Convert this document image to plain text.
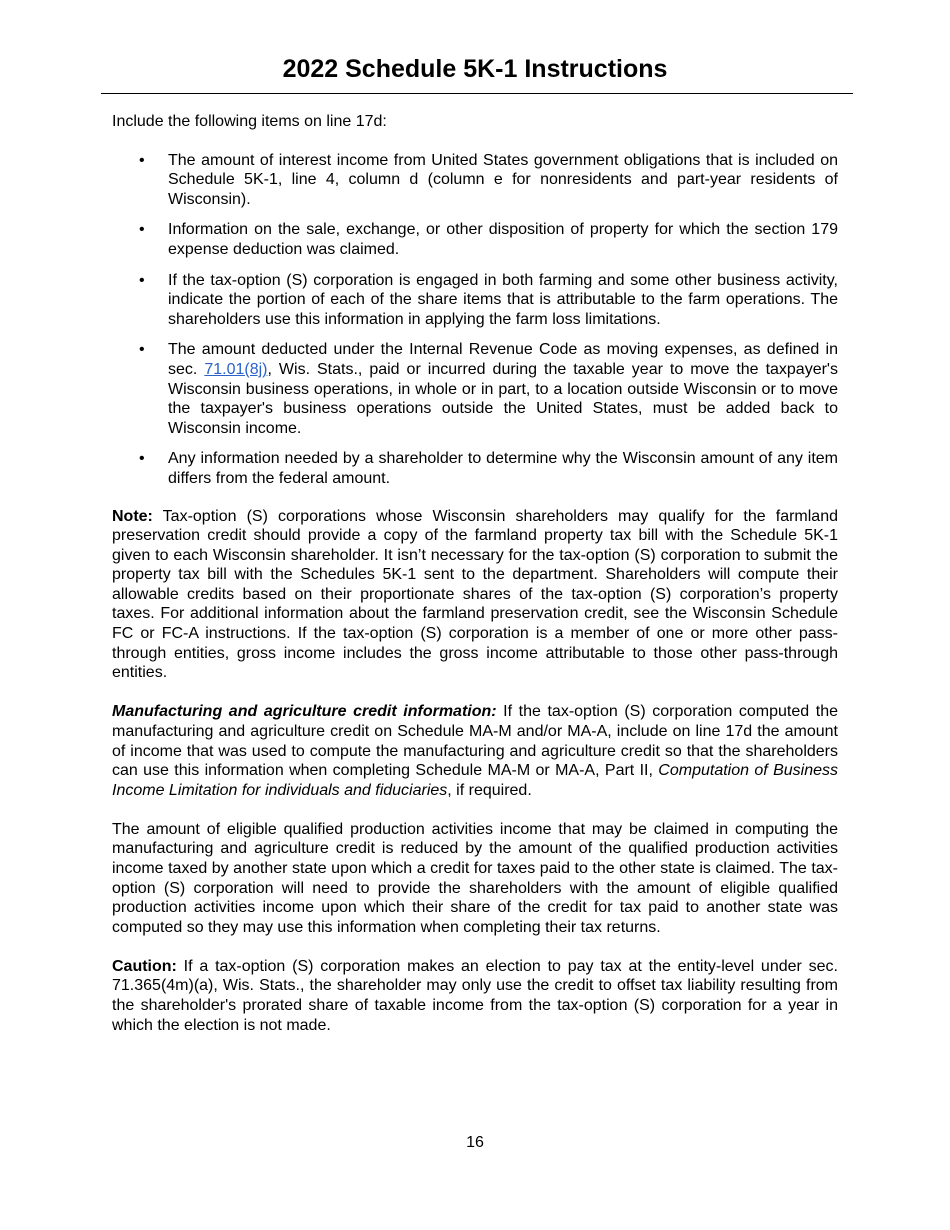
2022 Schedule 5K-1 Instructions

Include the following items on line 17d:

• The amount of interest income from United States government obligations that is included on Schedule 5K-1, line 4, column d (column e for nonresidents and part-year residents of Wisconsin).
• Information on the sale, exchange, or other disposition of property for which the section 179 expense deduction was claimed.
• If the tax-option (S) corporation is engaged in both farming and some other business activity, indicate the portion of each of the share items that is attributable to the farm operations. The shareholders use this information in applying the farm loss limitations.
• The amount deducted under the Internal Revenue Code as moving expenses, as defined in sec. 71.01(8j), Wis. Stats., paid or incurred during the taxable year to move the taxpayer's Wisconsin business operations, in whole or in part, to a location outside Wisconsin or to move the taxpayer's business operations outside the United States, must be added back to Wisconsin income.
• Any information needed by a shareholder to determine why the Wisconsin amount of any item differs from the federal amount.

Note: Tax-option (S) corporations whose Wisconsin shareholders may qualify for the farmland preservation credit should provide a copy of the farmland property tax bill with the Schedule 5K-1 given to each Wisconsin shareholder. It isn’t necessary for the tax-option (S) corporation to submit the property tax bill with the Schedules 5K-1 sent to the department. Shareholders will compute their allowable credits based on their proportionate shares of the tax-option (S) corporation’s property taxes. For additional information about the farmland preservation credit, see the Wisconsin Schedule FC or FC-A instructions. If the tax-option (S) corporation is a member of one or more other pass-through entities, gross income includes the gross income attributable to those other pass-through entities.

Manufacturing and agriculture credit information: If the tax-option (S) corporation computed the manufacturing and agriculture credit on Schedule MA-M and/or MA-A, include on line 17d the amount of income that was used to compute the manufacturing and agriculture credit so that the shareholders can use this information when completing Schedule MA-M or MA-A, Part II, Computation of Business Income Limitation for individuals and fiduciaries, if required.

The amount of eligible qualified production activities income that may be claimed in computing the manufacturing and agriculture credit is reduced by the amount of the qualified production activities income taxed by another state upon which a credit for taxes paid to the other state is claimed. The tax-option (S) corporation will need to provide the shareholders with the amount of eligible qualified production activities income upon which their share of the credit for tax paid to another state was computed so they may use this information when completing their tax returns.

Caution: If a tax-option (S) corporation makes an election to pay tax at the entity-level under sec. 71.365(4m)(a), Wis. Stats., the shareholder may only use the credit to offset tax liability resulting from the shareholder's prorated share of taxable income from the tax-option (S) corporation for a year in which the election is not made.

16
